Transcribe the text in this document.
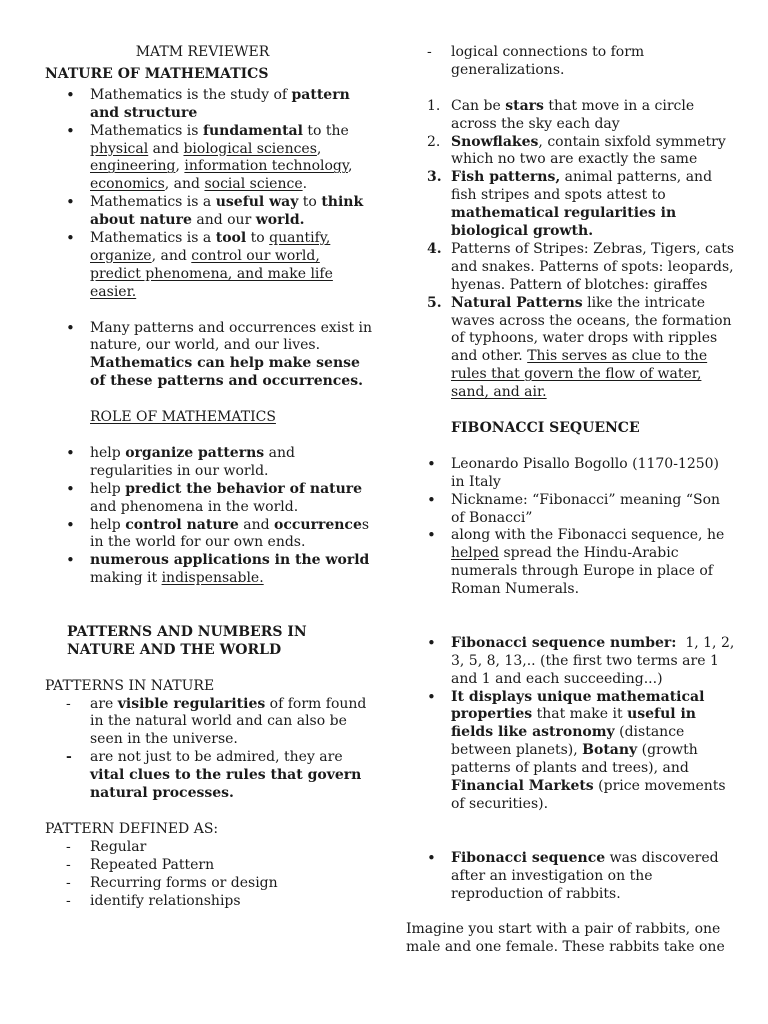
MATM REVIEWER

NATURE OF MATHEMATICS

•
Mathematics is the study of pattern and structure
•
Mathematics is fundamental to the physical and biological sciences, engineering, information technology, economics, and social science.
•
Mathematics is a useful way to think about nature and our world.
•
Mathematics is a tool to quantify, organize, and control our world, predict phenomena, and make life easier.
•
Many patterns and occurrences exist in nature, our world, and our lives. Mathematics can help make sense of these patterns and occurrences.

ROLE OF MATHEMATICS

•
help organize patterns and regularities in our world.
•
help predict the behavior of nature and phenomena in the world.
•
help control nature and occurrences in the world for our own ends.
•
numerous applications in the world making it indispensable.

PATTERNS AND NUMBERS IN NATURE AND THE WORLD

PATTERNS IN NATURE

-	are visible regularities of form found in the natural world and can also be seen in the universe.
-	are not just to be admired, they are vital clues to the rules that govern natural processes.

PATTERN DEFINED AS:

-	Regular
-	Repeated Pattern
-	Recurring forms or design
-	identify relationships
-	logical connections to form generalizations.
1. Can be stars that move in a circle across the sky each day
2. Snowflakes, contain sixfold symmetry which no two are exactly the same
3. Fish patterns, animal patterns, and fish stripes and spots attest to mathematical regularities in biological growth.
4. Patterns of Stripes: Zebras, Tigers, cats and snakes. Patterns of spots: leopards, hyenas. Pattern of blotches: giraffes
5. Natural Patterns like the intricate waves across the oceans, the formation of typhoons, water drops with ripples and other. This serves as clue to the rules that govern the flow of water, sand, and air.

FIBONACCI SEQUENCE

•
Leonardo Pisallo Bogollo (1170-1250) in Italy
•
Nickname: “Fibonacci” meaning “Son of Bonacci”
•
along with the Fibonacci sequence, he helped spread the Hindu-Arabic numerals through Europe in place of Roman Numerals.
•
Fibonacci sequence number:  1, 1, 2, 3, 5, 8, 13,.. (the first two terms are 1 and 1 and each succeeding...)
•
It displays unique mathematical properties that make it useful in fields like astronomy (distance between planets), Botany (growth patterns of plants and trees), and Financial Markets (price movements of securities).
•
Fibonacci sequence was discovered after an investigation on the reproduction of rabbits.

Imagine you start with a pair of rabbits, one male and one female. These rabbits take one
